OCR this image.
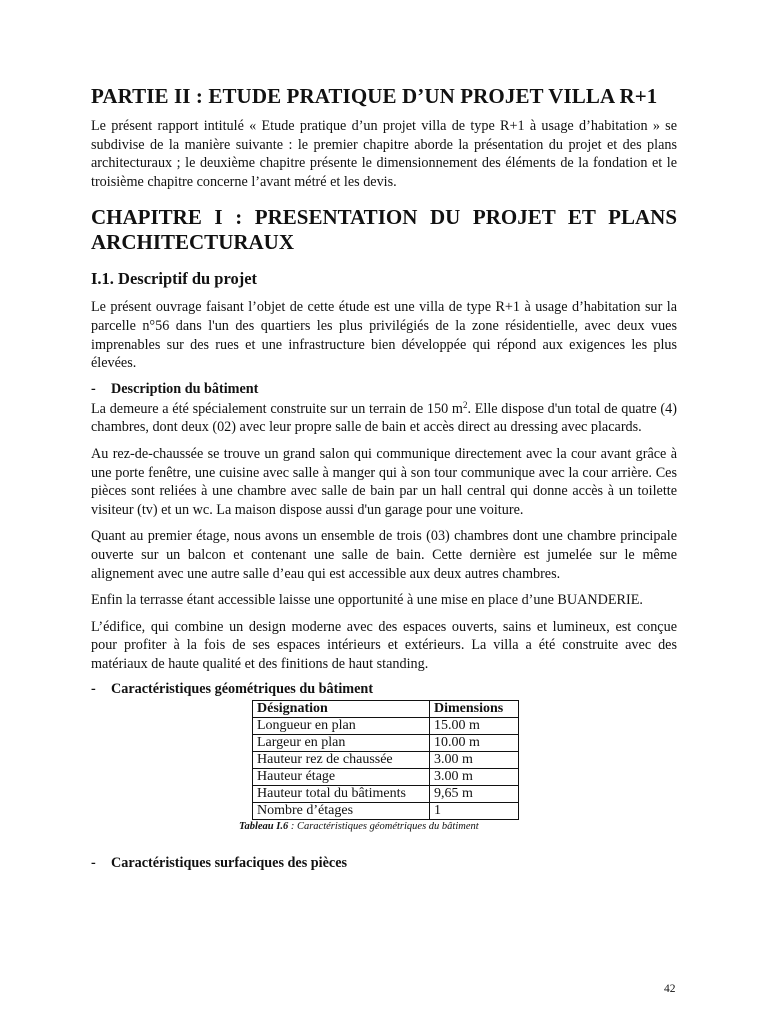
PARTIE II : ETUDE PRATIQUE D’UN PROJET VILLA R+1

Le présent rapport intitulé « Etude pratique d’un projet villa de type R+1 à usage d’habitation » se subdivise de la manière suivante : le premier chapitre aborde la présentation du projet et des plans architecturaux ; le deuxième chapitre présente le dimensionnement des éléments de la fondation et le troisième chapitre concerne l’avant métré et les devis.

CHAPITRE I : PRESENTATION DU PROJET ET PLANS ARCHITECTURAUX
I.1. Descriptif du projet

Le présent ouvrage faisant l’objet de cette étude est une villa de type R+1 à usage d’habitation sur la parcelle n°56 dans l'un des quartiers les plus privilégiés de la zone résidentielle, avec deux vues imprenables sur des rues et une infrastructure bien développée qui répond aux exigences les plus élevées.

-	Description du bâtiment

La demeure a été spécialement construite sur un terrain de 150 $m^2$. Elle dispose d'un total de quatre (4) chambres, dont deux (02) avec leur propre salle de bain et accès direct au dressing avec placards.

Au rez-de-chaussée se trouve un grand salon qui communique directement avec la cour avant grâce à une porte fenêtre, une cuisine avec salle à manger qui à son tour communique avec la cour arrière. Ces pièces sont reliées à une chambre avec salle de bain par un hall central qui donne accès à un toilette visiteur (tv) et un wc. La maison dispose aussi d'un garage pour une voiture.

Quant au premier étage, nous avons un ensemble de trois (03) chambres dont une chambre principale ouverte sur un balcon et contenant une salle de bain. Cette dernière est jumelée sur le même alignement avec une autre salle d’eau qui est accessible aux deux autres chambres.

Enfin la terrasse étant accessible laisse une opportunité à une mise en place d’une BUANDERIE.

L’édifice, qui combine un design moderne avec des espaces ouverts, sains et lumineux, est conçue pour profiter à la fois de ses espaces intérieurs et extérieurs. La villa a été construite avec des matériaux de haute qualité et des finitions de haut standing.

-	Caractéristiques géométriques du bâtiment
Désignation	Dimensions
Longueur en plan	15.00 m
Largeur en plan	10.00 m
Hauteur rez de chaussée	3.00 m
Hauteur étage	3.00 m
Hauteur total du bâtiments	9,65 m
Nombre d’étages	1
Tableau I.6 : Caractéristiques géométriques du bâtiment
-	Caractéristiques surfaciques des pièces
42
